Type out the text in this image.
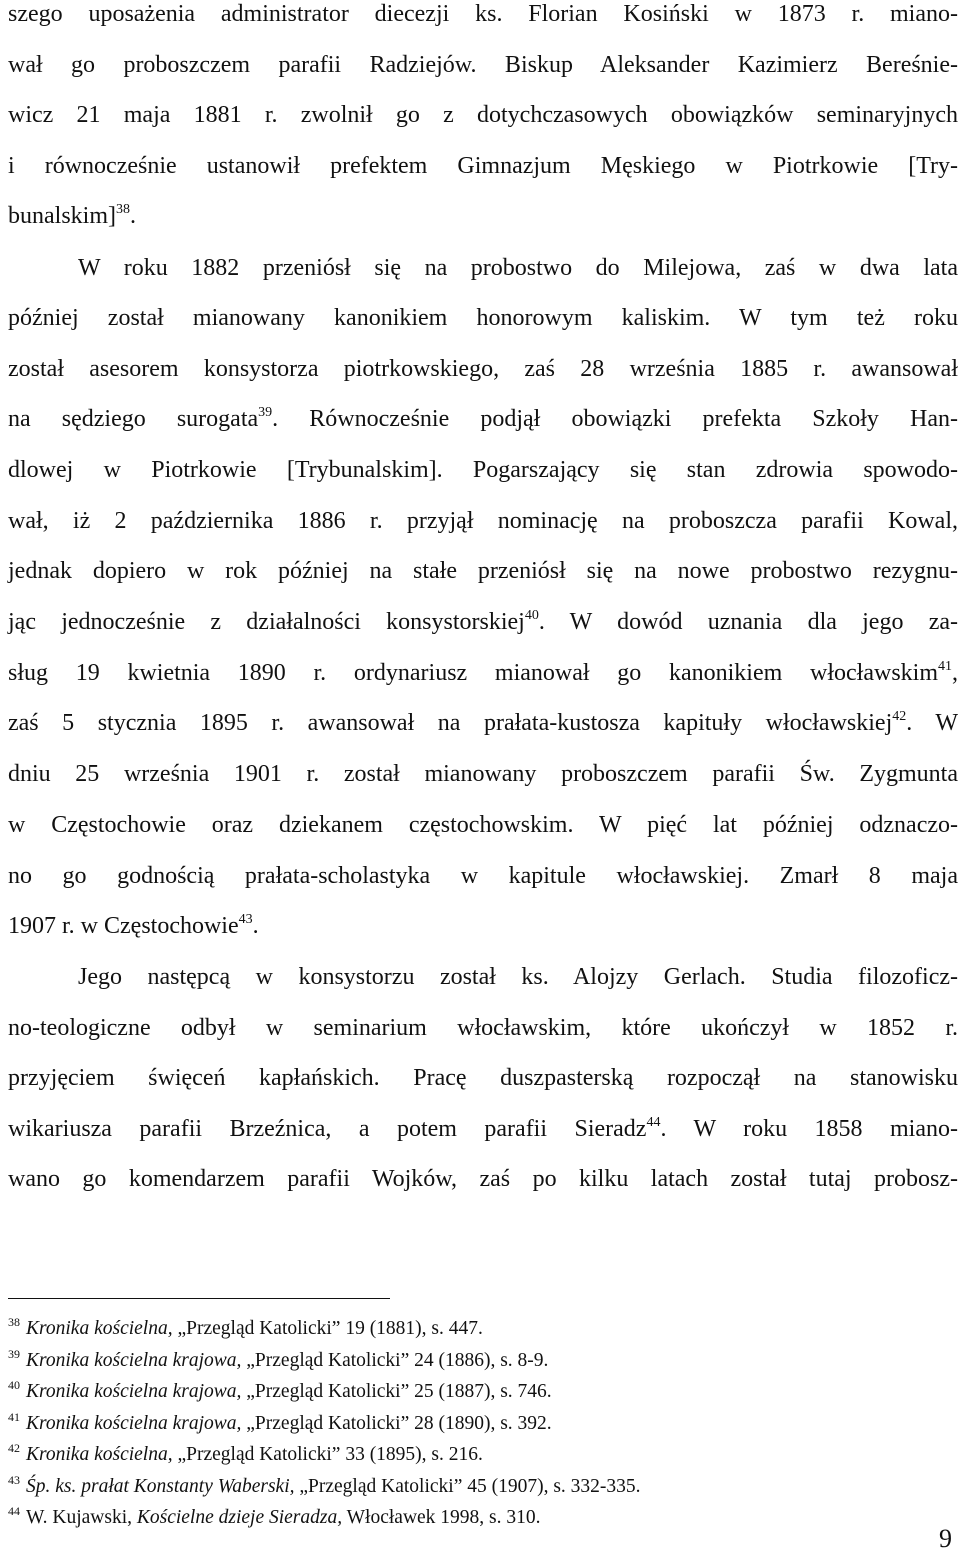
szego uposażenia administrator diecezji ks. Florian Kosiński w 1873 r. miano-
wał go proboszczem parafii Radziejów. Biskup Aleksander Kazimierz Bereśnie-
wicz 21 maja 1881 r. zwolnił go z dotychczasowych obowiązków seminaryjnych
i równocześnie ustanowił prefektem Gimnazjum Męskiego w Piotrkowie [Try-
bunalskim]$^{38}$.
W roku 1882 przeniósł się na probostwo do Milejowa, zaś w dwa lata
później został mianowany kanonikiem honorowym kaliskim. W tym też roku
został asesorem konsystorza piotrkowskiego, zaś 28 września 1885 r. awansował
na sędziego surogata$^{39}$. Równocześnie podjął obowiązki prefekta Szkoły Han-
dlowej w Piotrkowie [Trybunalskim]. Pogarszający się stan zdrowia spowodo-
wał, iż 2 października 1886 r. przyjął nominację na proboszcza parafii Kowal,
jednak dopiero w rok później na stałe przeniósł się na nowe probostwo rezygnu-
jąc jednocześnie z działalności konsystorskiej$^{40}$. W dowód uznania dla jego za-
sług 19 kwietnia 1890 r. ordynariusz mianował go kanonikiem włocławskim$^{41}$,
zaś 5 stycznia 1895 r. awansował na prałata-kustosza kapituły włocławskiej$^{42}$. W
dniu 25 września 1901 r. został mianowany proboszczem parafii Św. Zygmunta
w Częstochowie oraz dziekanem częstochowskim. W pięć lat później odznaczo-
no go godnością prałata-scholastyka w kapitule włocławskiej. Zmarł 8 maja
1907 r. w Częstochowie$^{43}$.
Jego następcą w konsystorzu został ks. Alojzy Gerlach. Studia filozoficz-
no-teologiczne odbył w seminarium włocławskim, które ukończył w 1852 r.
przyjęciem święceń kapłańskich. Pracę duszpasterską rozpoczął na stanowisku
wikariusza parafii Brzeźnica, a potem parafii Sieradz$^{44}$. W roku 1858 miano-
wano go komendarzem parafii Wojków, zaś po kilku latach został tutaj probosz-
$^{38}$ Kronika kościelna, „Przegląd Katolicki” 19 (1881), s. 447.
$^{39}$ Kronika kościelna krajowa, „Przegląd Katolicki” 24 (1886), s. 8-9.
$^{40}$ Kronika kościelna krajowa, „Przegląd Katolicki” 25 (1887), s. 746.
$^{41}$ Kronika kościelna krajowa, „Przegląd Katolicki” 28 (1890), s. 392.
$^{42}$ Kronika kościelna, „Przegląd Katolicki” 33 (1895), s. 216.
$^{43}$ Śp. ks. prałat Konstanty Waberski, „Przegląd Katolicki” 45 (1907), s. 332-335.
$^{44}$ W. Kujawski, Kościelne dzieje Sieradza, Włocławek 1998, s. 310.
9
